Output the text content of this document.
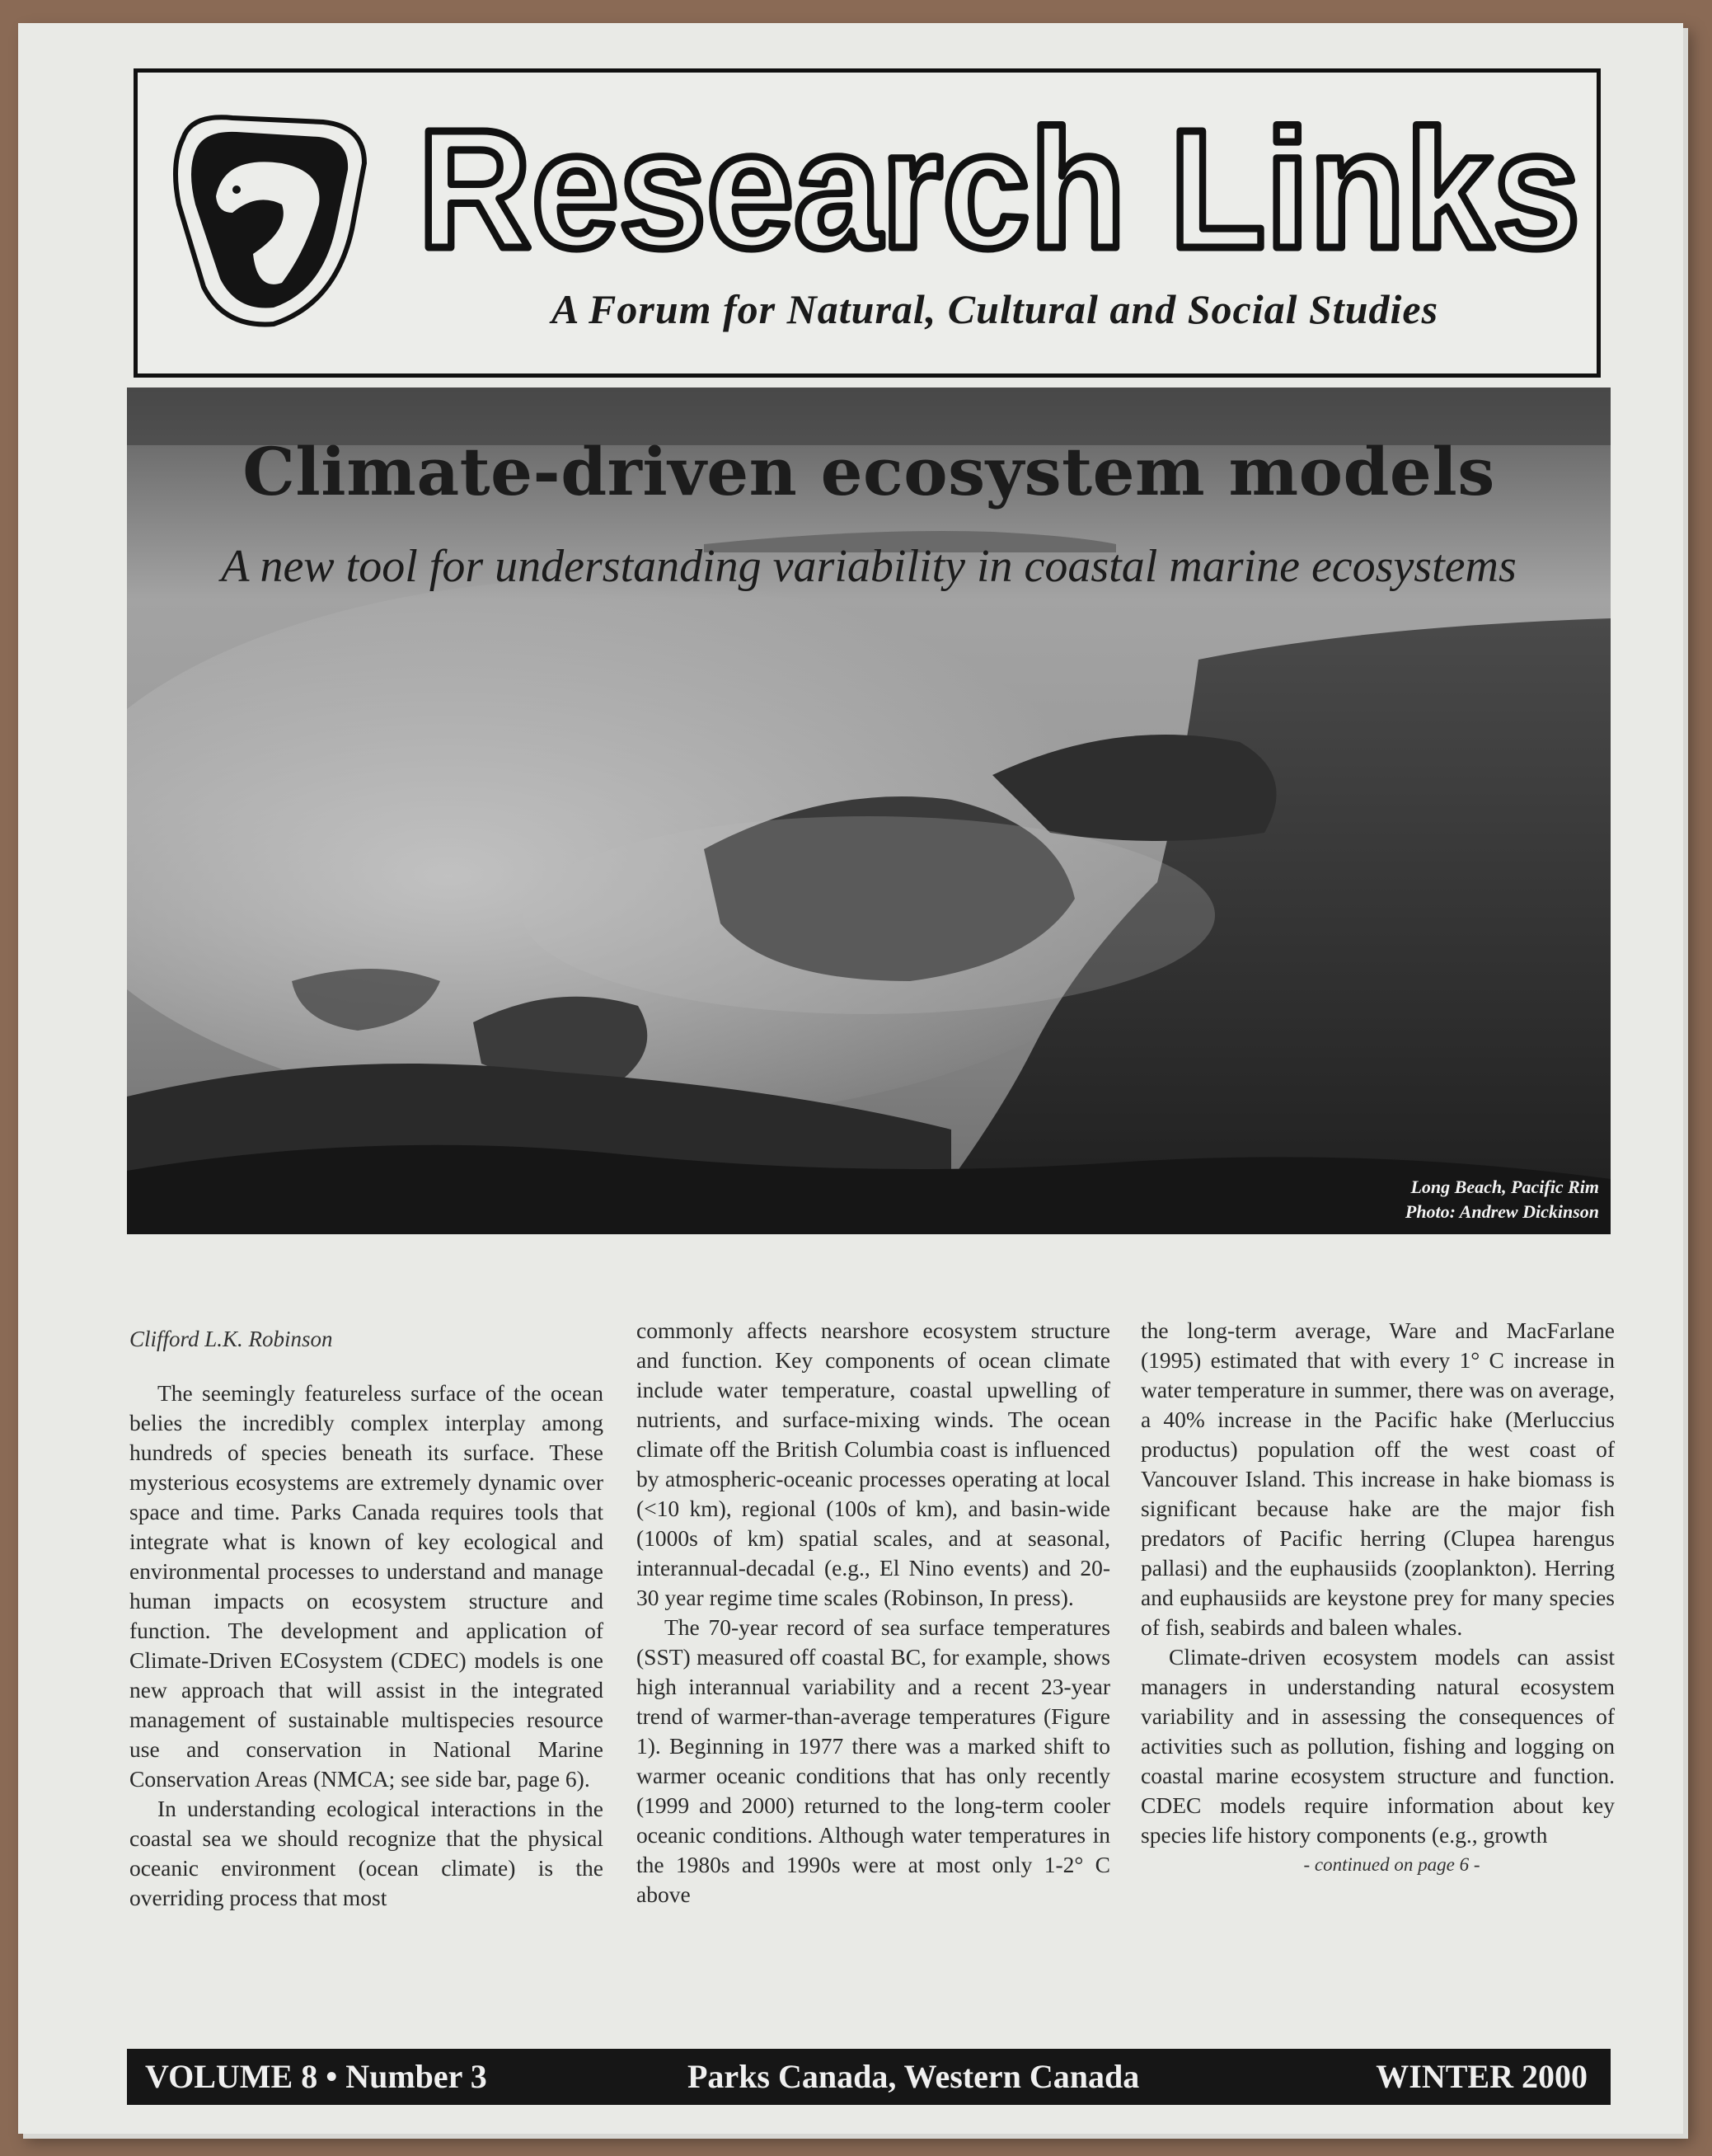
Research Links
A Forum for Natural, Cultural and Social Studies
Climate-driven ecosystem models
A new tool for understanding variability in coastal marine ecosystems
Long Beach, Pacific Rim
Photo: Andrew Dickinson
Clifford L.K. Robinson

The seemingly featureless surface of the ocean belies the incredibly complex interplay among hundreds of species beneath its surface. These mysterious ecosystems are extremely dynamic over space and time. Parks Canada requires tools that integrate what is known of key ecological and environmental processes to understand and manage human impacts on ecosystem structure and function. The development and application of Climate-Driven ECosystem (CDEC) models is one new approach that will assist in the integrated management of sustainable multispecies resource use and conservation in National Marine Conservation Areas (NMCA; see side bar, page 6).

In understanding ecological interactions in the coastal sea we should recognize that the physical oceanic environment (ocean climate) is the overriding process that most

commonly affects nearshore ecosystem structure and function. Key components of ocean climate include water temperature, coastal upwelling of nutrients, and surface-mixing winds. The ocean climate off the British Columbia coast is influenced by atmospheric-oceanic processes operating at local (<10 km), regional (100s of km), and basin-wide (1000s of km) spatial scales, and at seasonal, interannual-decadal (e.g., El Nino events) and 20-30 year regime time scales (Robinson, In press).

The 70-year record of sea surface temperatures (SST) measured off coastal BC, for example, shows high interannual variability and a recent 23-year trend of warmer-than-average temperatures (Figure 1). Beginning in 1977 there was a marked shift to warmer oceanic conditions that has only recently (1999 and 2000) returned to the long-term cooler oceanic conditions. Although water temperatures in the 1980s and 1990s were at most only 1-2° C above

the long-term average, Ware and MacFarlane (1995) estimated that with every 1° C increase in water temperature in summer, there was on average, a 40% increase in the Pacific hake (Merluccius productus) population off the west coast of Vancouver Island. This increase in hake biomass is significant because hake are the major fish predators of Pacific herring (Clupea harengus pallasi) and the euphausiids (zooplankton). Herring and euphausiids are keystone prey for many species of fish, seabirds and baleen whales.

Climate-driven ecosystem models can assist managers in understanding natural ecosystem variability and in assessing the consequences of activities such as pollution, fishing and logging on coastal marine ecosystem structure and function. CDEC models require information about key species life history components (e.g., growth

- continued on page 6 -

VOLUME 8 • Number 3	Parks Canada, Western Canada	WINTER 2000
